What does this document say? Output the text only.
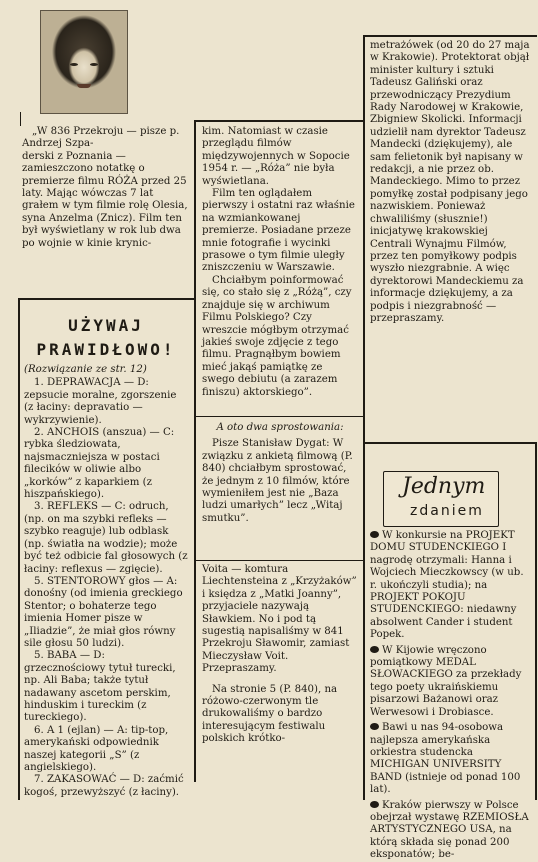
„W 836 Przekroju — pisze p. Andrzej Szpa-

derski z Poznania — zamieszczono notatkę o premierze filmu RÓŻA przed 25 laty. Mając wówczas 7 lat grałem w tym filmie rolę Olesia, syna Anzelma (Znicz). Film ten był wyświetlany w rok lub dwa po wojnie w kinie krynic-

UŻYWAJ
PRAWIDŁOWO!

(Rozwiązanie ze str. 12)

1. DEPRAWACJA — D: zepsucie moralne, zgorszenie (z łaciny: depravatio — wykrzywienie).

2. ANCHOIS (anszua) — C: rybka śledziowata, najsmaczniejsza w postaci filecików w oliwie albo „korków” z kaparkiem (z hiszpańskiego).

3. REFLEKS — C: odruch, (np. on ma szybki refleks — szybko reaguje) lub odblask (np. światła na wodzie); może być też odbicie fal głosowych (z łaciny: reflexus — zgięcie).

5. STENTOROWY głos — A: donośny (od imienia greckiego Stentor; o bohaterze tego imienia Homer pisze w „Iliadzie”, że miał głos równy sile głosu 50 ludzi).

5. BABA — D: grzecznościowy tytuł turecki, np. Ali Baba; także tytuł nadawany ascetom perskim, hinduskim i tureckim (z tureckiego).

6. A 1 (ejlan) — A: tip-top, amerykański odpowiednik naszej kategorii „S” (z angielskiego).

7. ZAKASOWAĆ — D: zaćmić kogoś, przewyższyć (z łaciny).

kim. Natomiast w czasie przeglądu filmów międzywojennych w Sopocie 1954 r. — „Róża” nie była wyświetlana.

Film ten oglądałem pierwszy i ostatni raz właśnie na wzmiankowanej premierze. Posiadane przeze mnie fotografie i wycinki prasowe o tym filmie uległy zniszczeniu w Warszawie.

Chciałbym poinformować się, co stało się z „Różą”, czy znajduje się w archiwum Filmu Polskiego? Czy wreszcie mógłbym otrzymać jakieś swoje zdjęcie z tego filmu. Pragnąłbym bowiem mieć jakąś pamiątkę ze swego debiutu (a zarazem finiszu) aktorskiego”.

A oto dwa sprostowania:

Pisze Stanisław Dygat: W związku z ankietą filmową (P. 840) chciałbym sprostować, że jednym z 10 filmów, które wymieniłem jest nie „Baza ludzi umarłych” lecz „Witaj smutku”.

Voita — komtura Liechtensteina z „Krzyżaków” i księdza z „Matki Joanny”, przyjaciele nazywają Sławkiem. No i pod tą sugestią napisaliśmy w 841 Przekroju Sławomir, zamiast Mieczysław Voit. Przepraszamy.

Na stronie 5 (P. 840), na różowo-czerwonym tle drukowaliśmy o bardzo interesującym festiwalu polskich krótko-

metrażówek (od 20 do 27 maja w Krakowie). Protektorat objął minister kultury i sztuki Tadeusz Galiński oraz przewodniczący Prezydium Rady Narodowej w Krakowie, Zbigniew Skolicki. Informacji udzielił nam dyrektor Tadeusz Mandecki (dziękujemy), ale sam felietonik był napisany w redakcji, a nie przez ob. Mandeckiego. Mimo to przez pomyłkę został podpisany jego nazwiskiem. Ponieważ chwaliliśmy (słusznie!) inicjatywę krakowskiej Centrali Wynajmu Filmów, przez ten pomyłkowy podpis wyszło niezgrabnie. A więc dyrektorowi Mandeckiemu za informacje dziękujemy, a za podpis i niezgrabność — przepraszamy.

Jednym
zdaniem

W konkursie na PROJEKT DOMU STUDENCKIEGO I nagrodę otrzymali: Hanna i Wojciech Mieczkowscy (w ub. r. ukończyli studia); na PROJEKT POKOJU STUDENCKIEGO: niedawny absolwent Cander i student Popek.

W Kijowie wręczono pomiątkowy MEDAL SŁOWACKIEGO za przekłady tego poety ukraińskiemu pisarzowi Bażanowi oraz Werwesowi i Drobiasce.

Bawi u nas 94-osobowa najlepsza amerykańska orkiestra studencka MICHIGAN UNIVERSITY BAND (istnieje od ponad 100 lat).

Kraków pierwszy w Polsce obejrzał wystawę RZEMIOSŁA ARTYSTYCZNEGO USA, na którą składa się ponad 200 eksponatów; be-
